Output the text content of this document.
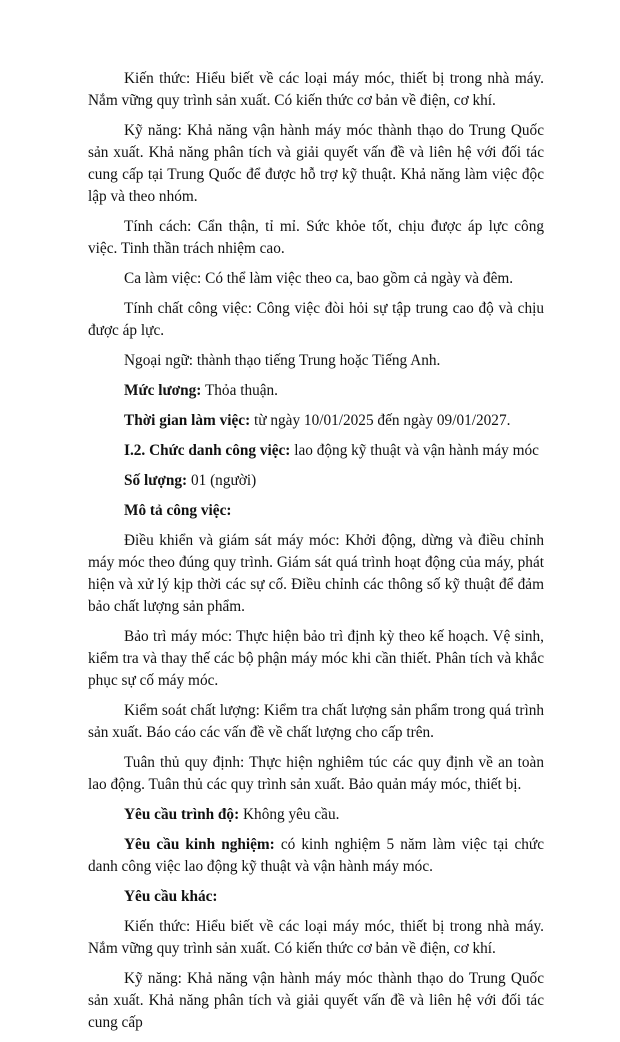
Kiến thức: Hiểu biết về các loại máy móc, thiết bị trong nhà máy. Nắm vững quy trình sản xuất. Có kiến thức cơ bản về điện, cơ khí.

Kỹ năng: Khả năng vận hành máy móc thành thạo do Trung Quốc sản xuất. Khả năng phân tích và giải quyết vấn đề và liên hệ với đối tác cung cấp tại Trung Quốc để được hỗ trợ kỹ thuật. Khả năng làm việc độc lập và theo nhóm.

Tính cách: Cẩn thận, tỉ mỉ. Sức khỏe tốt, chịu được áp lực công việc. Tinh thần trách nhiệm cao.

Ca làm việc: Có thể làm việc theo ca, bao gồm cả ngày và đêm.

Tính chất công việc: Công việc đòi hỏi sự tập trung cao độ và chịu được áp lực.

Ngoại ngữ: thành thạo tiếng Trung hoặc Tiếng Anh.

Mức lương: Thỏa thuận.

Thời gian làm việc: từ ngày 10/01/2025 đến ngày 09/01/2027.

I.2. Chức danh công việc: lao động kỹ thuật và vận hành máy móc

Số lượng: 01 (người)

Mô tả công việc:

Điều khiển và giám sát máy móc: Khởi động, dừng và điều chỉnh máy móc theo đúng quy trình. Giám sát quá trình hoạt động của máy, phát hiện và xử lý kịp thời các sự cố. Điều chỉnh các thông số kỹ thuật để đảm bảo chất lượng sản phẩm.

Bảo trì máy móc: Thực hiện bảo trì định kỳ theo kế hoạch. Vệ sinh, kiểm tra và thay thế các bộ phận máy móc khi cần thiết. Phân tích và khắc phục sự cố máy móc.

Kiểm soát chất lượng: Kiểm tra chất lượng sản phẩm trong quá trình sản xuất. Báo cáo các vấn đề về chất lượng cho cấp trên.

Tuân thủ quy định: Thực hiện nghiêm túc các quy định về an toàn lao động. Tuân thủ các quy trình sản xuất. Bảo quản máy móc, thiết bị.

Yêu cầu trình độ: Không yêu cầu.

Yêu cầu kinh nghiệm: có kinh nghiệm 5 năm làm việc tại chức danh công việc lao động kỹ thuật và vận hành máy móc.

Yêu cầu khác:

Kiến thức: Hiểu biết về các loại máy móc, thiết bị trong nhà máy. Nắm vững quy trình sản xuất. Có kiến thức cơ bản về điện, cơ khí.

Kỹ năng: Khả năng vận hành máy móc thành thạo do Trung Quốc sản xuất. Khả năng phân tích và giải quyết vấn đề và liên hệ với đối tác cung cấp
